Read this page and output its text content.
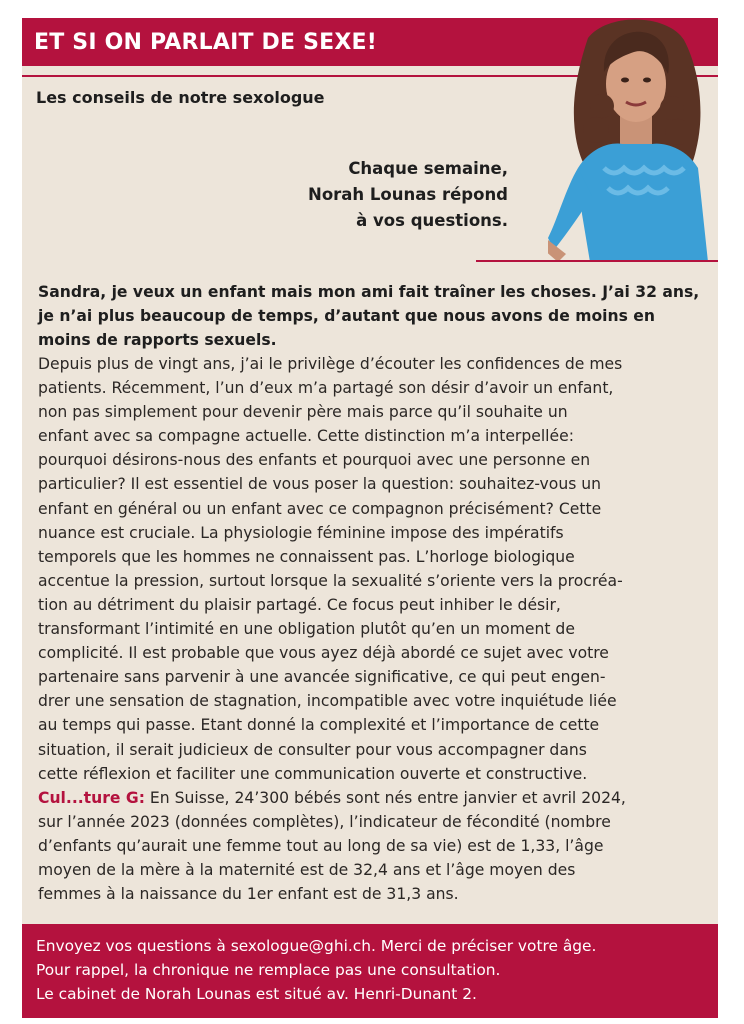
ET SI ON PARLAIT DE SEXE!
Les conseils de notre sexologue
Chaque semaine,
Norah Lounas répond
à vos questions.
Sandra, je veux un enfant mais mon ami fait traîner les choses. J’ai 32 ans, je n’ai plus beaucoup de temps, d’autant que nous avons de moins en moins de rapports sexuels.
Depuis plus de vingt ans, j’ai le privilège d’écouter les confidences de mes
patients. Récemment, l’un d’eux m’a partagé son désir d’avoir un enfant,
non pas simplement pour devenir père mais parce qu’il souhaite un
enfant avec sa compagne actuelle. Cette distinction m’a interpellée:
pourquoi désirons-nous des enfants et pourquoi avec une personne en
particulier? Il est essentiel de vous poser la question: souhaitez-vous un
enfant en général ou un enfant avec ce compagnon précisément? Cette
nuance est cruciale. La physiologie féminine impose des impératifs
temporels que les hommes ne connaissent pas. L’horloge biologique
accentue la pression, surtout lorsque la sexualité s’oriente vers la procréa-
tion au détriment du plaisir partagé. Ce focus peut inhiber le désir,
transformant l’intimité en une obligation plutôt qu’en un moment de
complicité. Il est probable que vous ayez déjà abordé ce sujet avec votre
partenaire sans parvenir à une avancée significative, ce qui peut engen-
drer une sensation de stagnation, incompatible avec votre inquiétude liée
au temps qui passe. Etant donné la complexité et l’importance de cette
situation, il serait judicieux de consulter pour vous accompagner dans
cette réflexion et faciliter une communication ouverte et constructive.
Cul...ture G: En Suisse, 24’300 bébés sont nés entre janvier et avril 2024,
sur l’année 2023 (données complètes), l’indicateur de fécondité (nombre
d’enfants qu’aurait une femme tout au long de sa vie) est de 1,33, l’âge
moyen de la mère à la maternité est de 32,4 ans et l’âge moyen des
femmes à la naissance du 1er enfant est de 31,3 ans.
Envoyez vos questions à sexologue@ghi.ch. Merci de préciser votre âge.
Pour rappel, la chronique ne remplace pas une consultation.
Le cabinet de Norah Lounas est situé av. Henri-Dunant 2.
